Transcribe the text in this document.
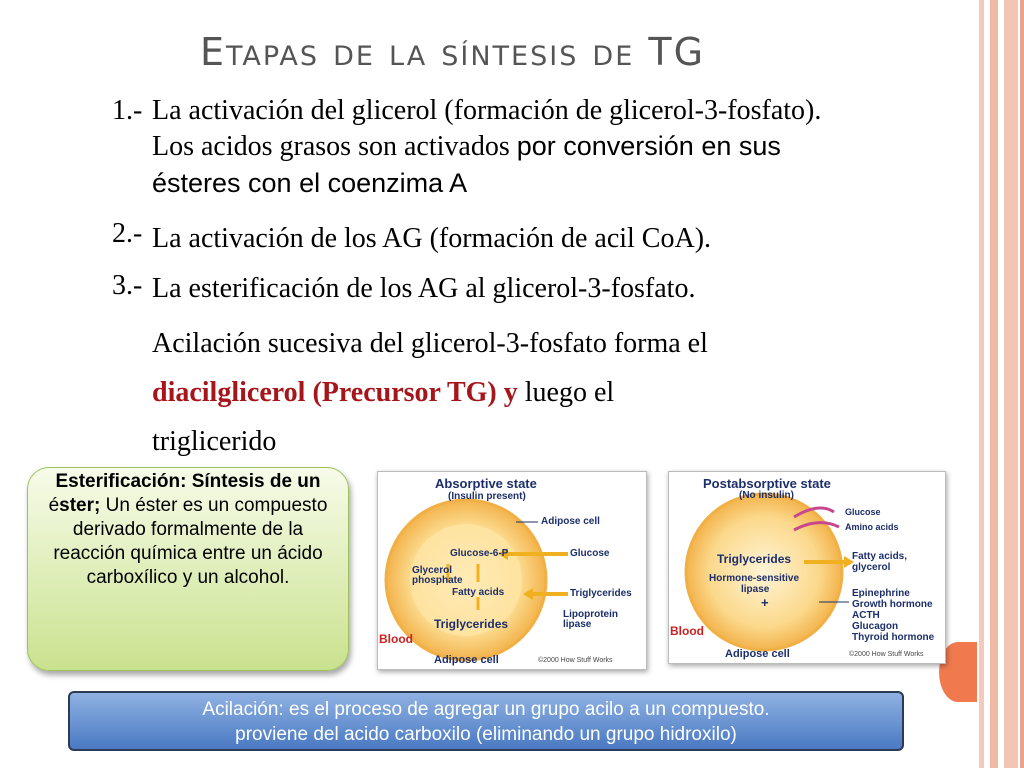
Etapas de la síntesis de TG
1.- La activación del glicerol (formación de glicerol-3-fosfato).
Los acidos grasos son activados por conversión en sus
ésteres con el coenzima A
2.- La activación de los AG (formación de acil CoA).
3.- La esterificación de los AG al glicerol-3-fosfato.
Acilación sucesiva del glicerol-3-fosfato forma el
diacilglicerol (Precursor TG) y luego el
triglicerido
Esterificación: Síntesis de un éster; Un éster es un compuesto derivado formalmente de la reacción química entre un ácido carboxílico y un alcohol.
Absorptive state
(Insulin present)
Adipose cell
Glucose-6-P	Glucose
Glycerol
phosphate
Fatty acids	Triglycerides
Triglycerides
Lipoprotein
lipase
Blood
Adipose cell	©2000 How Stuff Works
Postabsorptive state
(No insulin)
Glucose
Amino acids
Triglycerides
Hormone-sensitive
lipase
+
Fatty acids,
glycerol
Epinephrine
Growth hormone
ACTH
Glucagon
Thyroid hormone
Blood
Adipose cell	©2000 How Stuff Works
Acilación: es el proceso de agregar un grupo acilo a un compuesto.
proviene del acido carboxilo (eliminando un grupo hidroxilo)
